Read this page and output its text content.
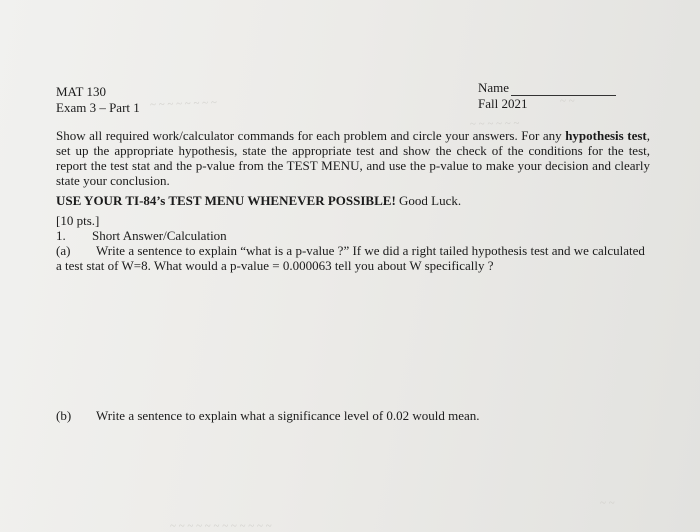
~ ~ ~ ~ ~ ~ ~ ~
~ ~ ~ ~ ~ ~
~ ~
~ ~
~ ~ ~ ~ ~ ~ ~ ~ ~ ~ ~ ~
MAT 130
Exam 3 – Part 1
Name
Fall 2021
Show all required work/calculator commands for each problem and circle your answers. For any hypothesis test, set up the appropriate hypothesis, state the appropriate test and show the check of the conditions for the test, report the test stat and the p-value from the TEST MENU, and use the p-value to make your decision and clearly state your conclusion.
USE YOUR TI-84’s TEST MENU WHENEVER POSSIBLE! Good Luck.
[10 pts.]
1. Short Answer/Calculation
(a) Write a sentence to explain “what is a p-value ?” If we did a right tailed hypothesis test and we calculated a test stat of W=8. What would a p-value = 0.000063 tell you about W specifically ?
(b) Write a sentence to explain what a significance level of 0.02 would mean.
